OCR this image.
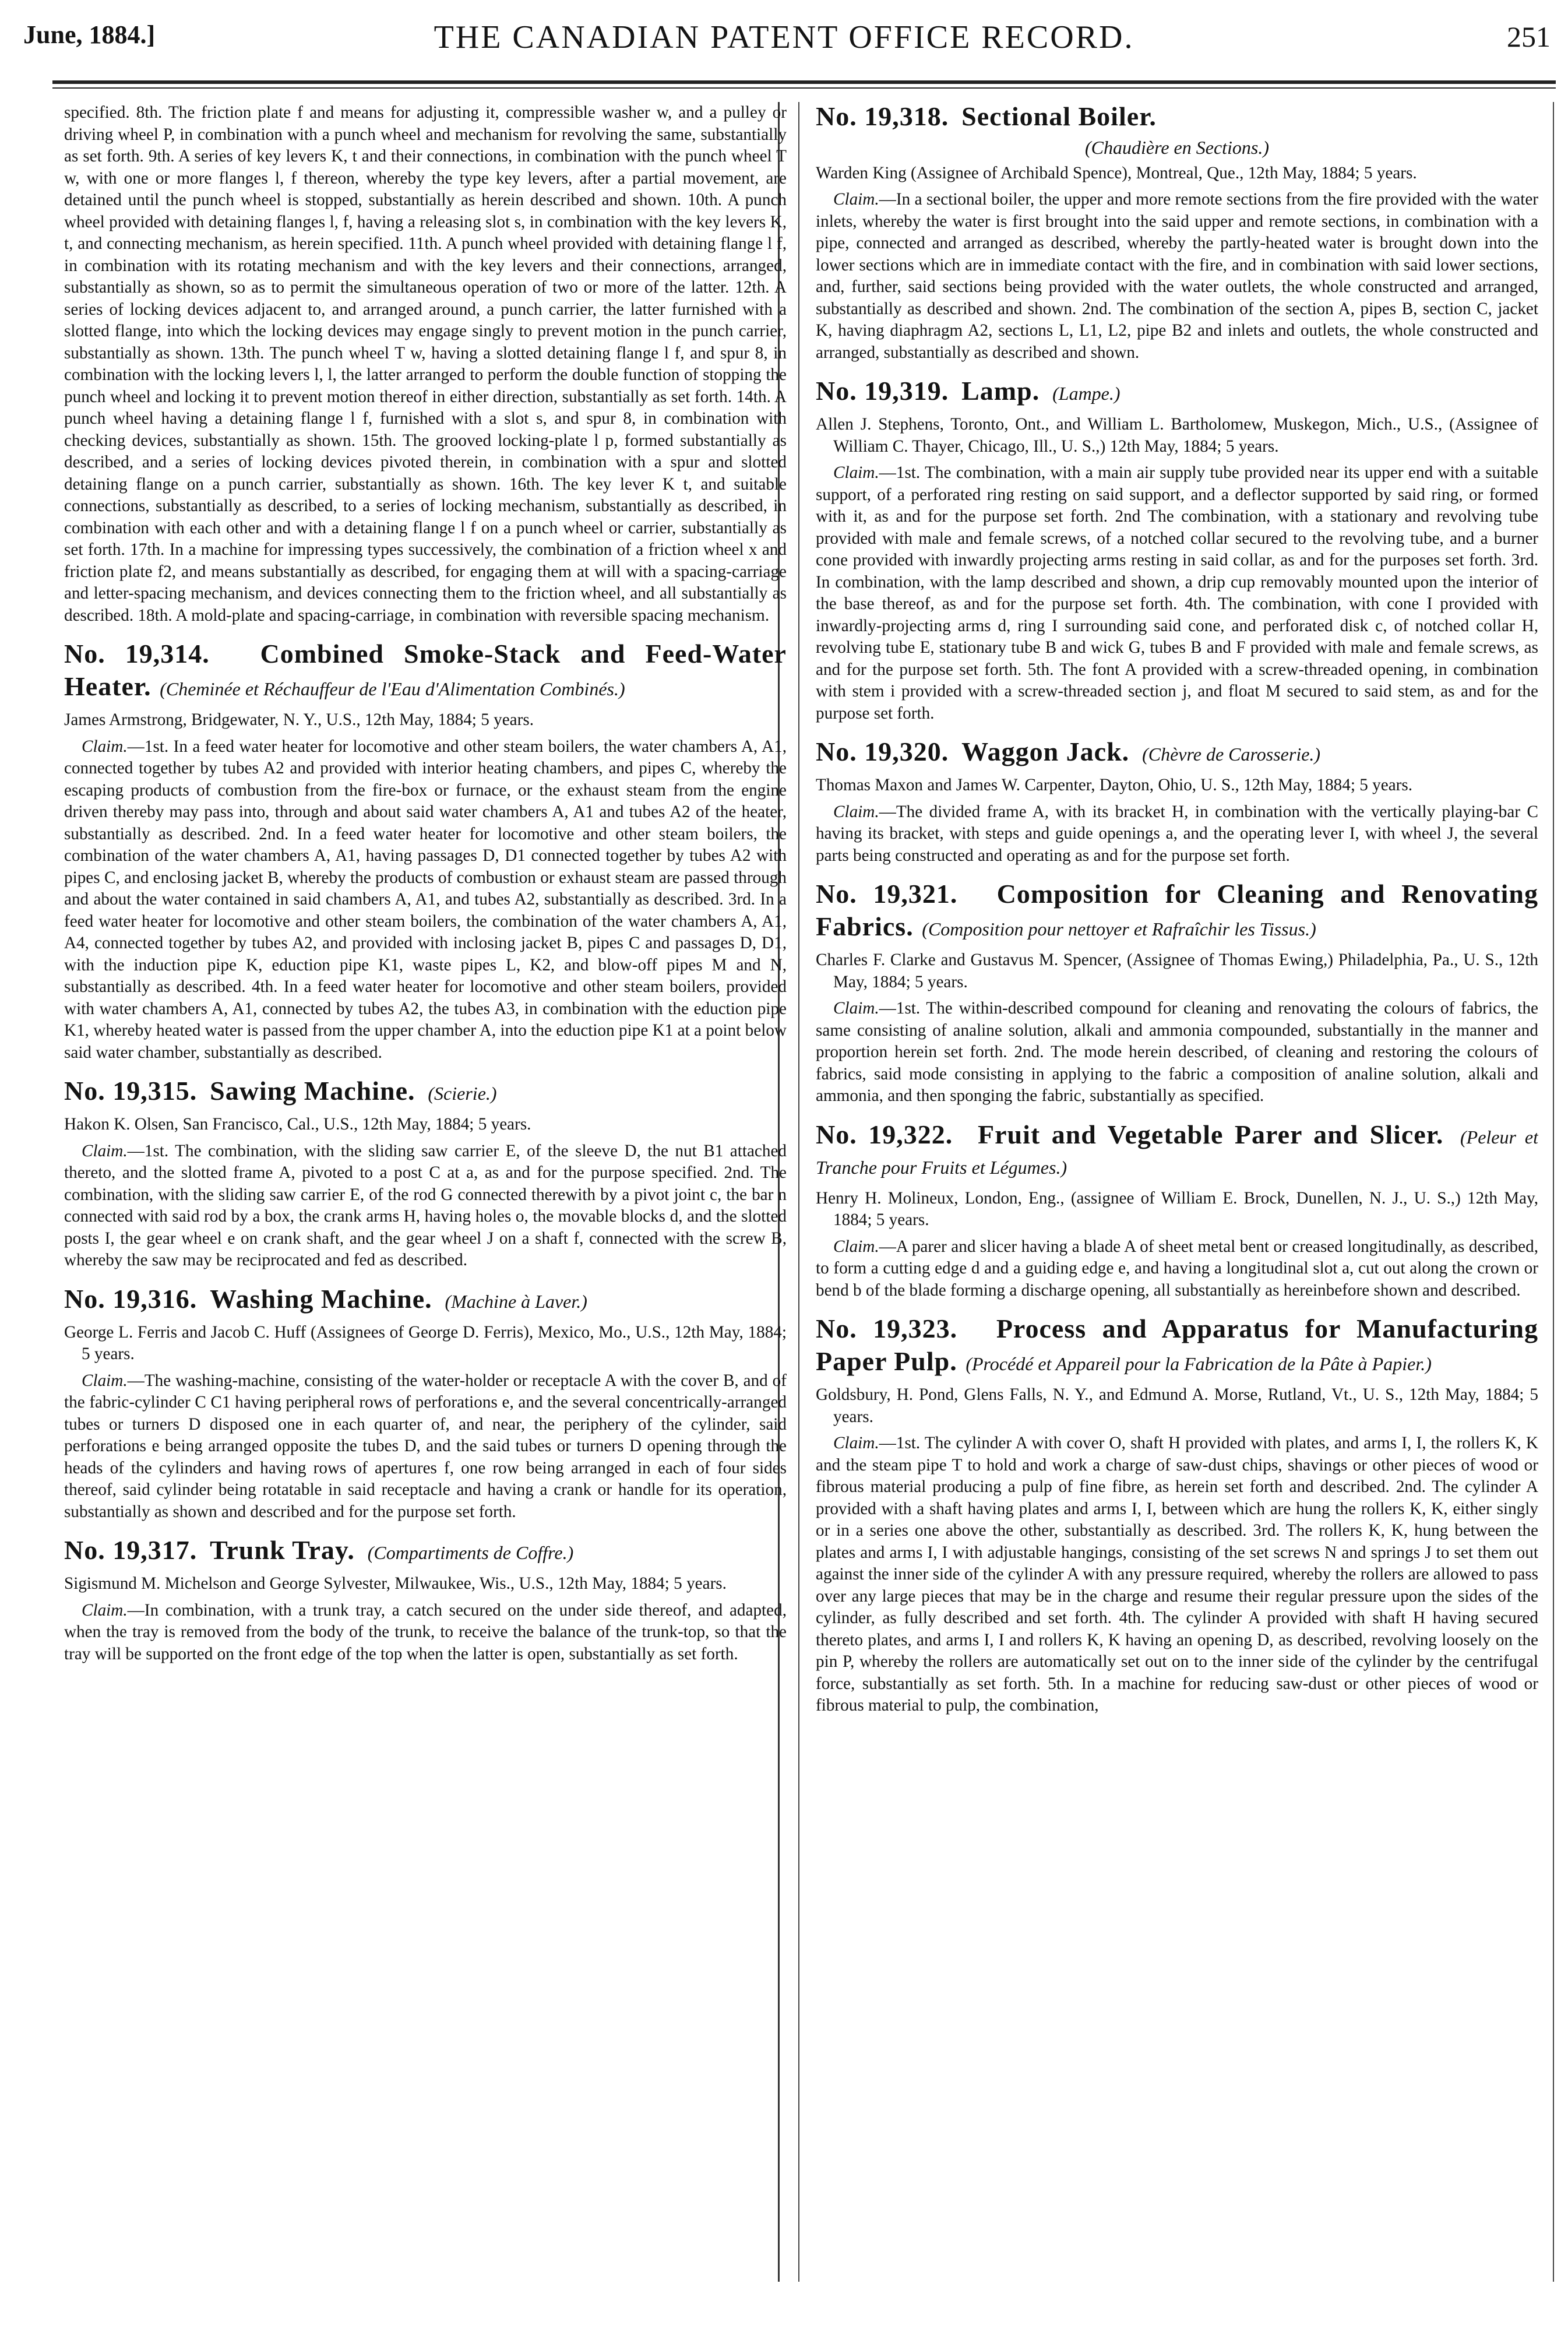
June, 1884.]	THE CANADIAN PATENT OFFICE RECORD.	251

specified. 8th. The friction plate f and means for adjusting it, compressible washer w, and a pulley or driving wheel P, in combination with a punch wheel and mechanism for revolving the same, substantially as set forth. 9th. A series of key levers K, t and their connections, in combination with the punch wheel T w, with one or more flanges l, f thereon, whereby the type key levers, after a partial movement, are detained until the punch wheel is stopped, substantially as herein described and shown. 10th. A punch wheel provided with detaining flanges l, f, having a releasing slot s, in combination with the key levers K, t, and connecting mechanism, as herein specified. 11th. A punch wheel provided with detaining flange l f, in combination with its rotating mechanism and with the key levers and their connections, arranged, substantially as shown, so as to permit the simultaneous operation of two or more of the latter. 12th. A series of locking devices adjacent to, and arranged around, a punch carrier, the latter furnished with a slotted flange, into which the locking devices may engage singly to prevent motion in the punch carrier, substantially as shown. 13th. The punch wheel T w, having a slotted detaining flange l f, and spur 8, in combination with the locking levers l, l, the latter arranged to perform the double function of stopping the punch wheel and locking it to prevent motion thereof in either direction, substantially as set forth. 14th. A punch wheel having a detaining flange l f, furnished with a slot s, and spur 8, in combination with checking devices, substantially as shown. 15th. The grooved locking-plate l p, formed substantially as described, and a series of locking devices pivoted therein, in combination with a spur and slotted detaining flange on a punch carrier, substantially as shown. 16th. The key lever K t, and suitable connections, substantially as described, to a series of locking mechanism, substantially as described, in combination with each other and with a detaining flange l f on a punch wheel or carrier, substantially as set forth. 17th. In a machine for impressing types successively, the combination of a friction wheel x and friction plate f2, and means substantially as described, for engaging them at will with a spacing-carriage and letter-spacing mechanism, and devices connecting them to the friction wheel, and all substantially as described. 18th. A mold-plate and spacing-carriage, in combination with reversible spacing mechanism.

No. 19,314. Combined Smoke-Stack and Feed-Water Heater. (Cheminée et Réchauffeur de l'Eau d'Alimentation Combinés.)

James Armstrong, Bridgewater, N. Y., U.S., 12th May, 1884; 5 years.

Claim.—1st. In a feed water heater for locomotive and other steam boilers, the water chambers A, A1, connected together by tubes A2 and provided with interior heating chambers, and pipes C, whereby the escaping products of combustion from the fire-box or furnace, or the exhaust steam from the engine driven thereby may pass into, through and about said water chambers A, A1 and tubes A2 of the heater, substantially as described. 2nd. In a feed water heater for locomotive and other steam boilers, the combination of the water chambers A, A1, having passages D, D1 connected together by tubes A2 with pipes C, and enclosing jacket B, whereby the products of combustion or exhaust steam are passed through and about the water contained in said chambers A, A1, and tubes A2, substantially as described. 3rd. In a feed water heater for locomotive and other steam boilers, the combination of the water chambers A, A1, A4, connected together by tubes A2, and provided with inclosing jacket B, pipes C and passages D, D1, with the induction pipe K, eduction pipe K1, waste pipes L, K2, and blow-off pipes M and N, substantially as described. 4th. In a feed water heater for locomotive and other steam boilers, provided with water chambers A, A1, connected by tubes A2, the tubes A3, in combination with the eduction pipe K1, whereby heated water is passed from the upper chamber A, into the eduction pipe K1 at a point below said water chamber, substantially as described.

No. 19,315. Sawing Machine. (Scierie.)

Hakon K. Olsen, San Francisco, Cal., U.S., 12th May, 1884; 5 years.

Claim.—1st. The combination, with the sliding saw carrier E, of the sleeve D, the nut B1 attached thereto, and the slotted frame A, pivoted to a post C at a, as and for the purpose specified. 2nd. The combination, with the sliding saw carrier E, of the rod G connected therewith by a pivot joint c, the bar n connected with said rod by a box, the crank arms H, having holes o, the movable blocks d, and the slotted posts I, the gear wheel e on crank shaft, and the gear wheel J on a shaft f, connected with the screw B, whereby the saw may be reciprocated and fed as described.

No. 19,316. Washing Machine. (Machine à Laver.)

George L. Ferris and Jacob C. Huff (Assignees of George D. Ferris), Mexico, Mo., U.S., 12th May, 1884; 5 years.

Claim.—The washing-machine, consisting of the water-holder or receptacle A with the cover B, and of the fabric-cylinder C C1 having peripheral rows of perforations e, and the several concentrically-arranged tubes or turners D disposed one in each quarter of, and near, the periphery of the cylinder, said perforations e being arranged opposite the tubes D, and the said tubes or turners D opening through the heads of the cylinders and having rows of apertures f, one row being arranged in each of four sides thereof, said cylinder being rotatable in said receptacle and having a crank or handle for its operation, substantially as shown and described and for the purpose set forth.

No. 19,317. Trunk Tray. (Compartiments de Coffre.)

Sigismund M. Michelson and George Sylvester, Milwaukee, Wis., U.S., 12th May, 1884; 5 years.

Claim.—In combination, with a trunk tray, a catch secured on the under side thereof, and adapted, when the tray is removed from the body of the trunk, to receive the balance of the trunk-top, so that the tray will be supported on the front edge of the top when the latter is open, substantially as set forth.

No. 19,318. Sectional Boiler.
(Chaudière en Sections.)

Warden King (Assignee of Archibald Spence), Montreal, Que., 12th May, 1884; 5 years.

Claim.—In a sectional boiler, the upper and more remote sections from the fire provided with the water inlets, whereby the water is first brought into the said upper and remote sections, in combination with a pipe, connected and arranged as described, whereby the partly-heated water is brought down into the lower sections which are in immediate contact with the fire, and in combination with said lower sections, and, further, said sections being provided with the water outlets, the whole constructed and arranged, substantially as described and shown. 2nd. The combination of the section A, pipes B, section C, jacket K, having diaphragm A2, sections L, L1, L2, pipe B2 and inlets and outlets, the whole constructed and arranged, substantially as described and shown.

No. 19,319. Lamp. (Lampe.)

Allen J. Stephens, Toronto, Ont., and William L. Bartholomew, Muskegon, Mich., U.S., (Assignee of William C. Thayer, Chicago, Ill., U. S.,) 12th May, 1884; 5 years.

Claim.—1st. The combination, with a main air supply tube provided near its upper end with a suitable support, of a perforated ring resting on said support, and a deflector supported by said ring, or formed with it, as and for the purpose set forth. 2nd The combination, with a stationary and revolving tube provided with male and female screws, of a notched collar secured to the revolving tube, and a burner cone provided with inwardly projecting arms resting in said collar, as and for the purposes set forth. 3rd. In combination, with the lamp described and shown, a drip cup removably mounted upon the interior of the base thereof, as and for the purpose set forth. 4th. The combination, with cone I provided with inwardly-projecting arms d, ring I surrounding said cone, and perforated disk c, of notched collar H, revolving tube E, stationary tube B and wick G, tubes B and F provided with male and female screws, as and for the purpose set forth. 5th. The font A provided with a screw-threaded opening, in combination with stem i provided with a screw-threaded section j, and float M secured to said stem, as and for the purpose set forth.

No. 19,320. Waggon Jack. (Chèvre de Carosserie.)

Thomas Maxon and James W. Carpenter, Dayton, Ohio, U. S., 12th May, 1884; 5 years.

Claim.—The divided frame A, with its bracket H, in combination with the vertically playing-bar C having its bracket, with steps and guide openings a, and the operating lever I, with wheel J, the several parts being constructed and operating as and for the purpose set forth.

No. 19,321. Composition for Cleaning and Renovating Fabrics. (Composition pour nettoyer et Rafraîchir les Tissus.)

Charles F. Clarke and Gustavus M. Spencer, (Assignee of Thomas Ewing,) Philadelphia, Pa., U. S., 12th May, 1884; 5 years.

Claim.—1st. The within-described compound for cleaning and renovating the colours of fabrics, the same consisting of analine solution, alkali and ammonia compounded, substantially in the manner and proportion herein set forth. 2nd. The mode herein described, of cleaning and restoring the colours of fabrics, said mode consisting in applying to the fabric a composition of analine solution, alkali and ammonia, and then sponging the fabric, substantially as specified.

No. 19,322. Fruit and Vegetable Parer and Slicer. (Peleur et Tranche pour Fruits et Légumes.)

Henry H. Molineux, London, Eng., (assignee of William E. Brock, Dunellen, N. J., U. S.,) 12th May, 1884; 5 years.

Claim.—A parer and slicer having a blade A of sheet metal bent or creased longitudinally, as described, to form a cutting edge d and a guiding edge e, and having a longitudinal slot a, cut out along the crown or bend b of the blade forming a discharge opening, all substantially as hereinbefore shown and described.

No. 19,323. Process and Apparatus for Manufacturing Paper Pulp. (Procédé et Appareil pour la Fabrication de la Pâte à Papier.)

Goldsbury, H. Pond, Glens Falls, N. Y., and Edmund A. Morse, Rutland, Vt., U. S., 12th May, 1884; 5 years.

Claim.—1st. The cylinder A with cover O, shaft H provided with plates, and arms I, I, the rollers K, K and the steam pipe T to hold and work a charge of saw-dust chips, shavings or other pieces of wood or fibrous material producing a pulp of fine fibre, as herein set forth and described. 2nd. The cylinder A provided with a shaft having plates and arms I, I, between which are hung the rollers K, K, either singly or in a series one above the other, substantially as described. 3rd. The rollers K, K, hung between the plates and arms I, I with adjustable hangings, consisting of the set screws N and springs J to set them out against the inner side of the cylinder A with any pressure required, whereby the rollers are allowed to pass over any large pieces that may be in the charge and resume their regular pressure upon the sides of the cylinder, as fully described and set forth. 4th. The cylinder A provided with shaft H having secured thereto plates, and arms I, I and rollers K, K having an opening D, as described, revolving loosely on the pin P, whereby the rollers are automatically set out on to the inner side of the cylinder by the centrifugal force, substantially as set forth. 5th. In a machine for reducing saw-dust or other pieces of wood or fibrous material to pulp, the combination,
